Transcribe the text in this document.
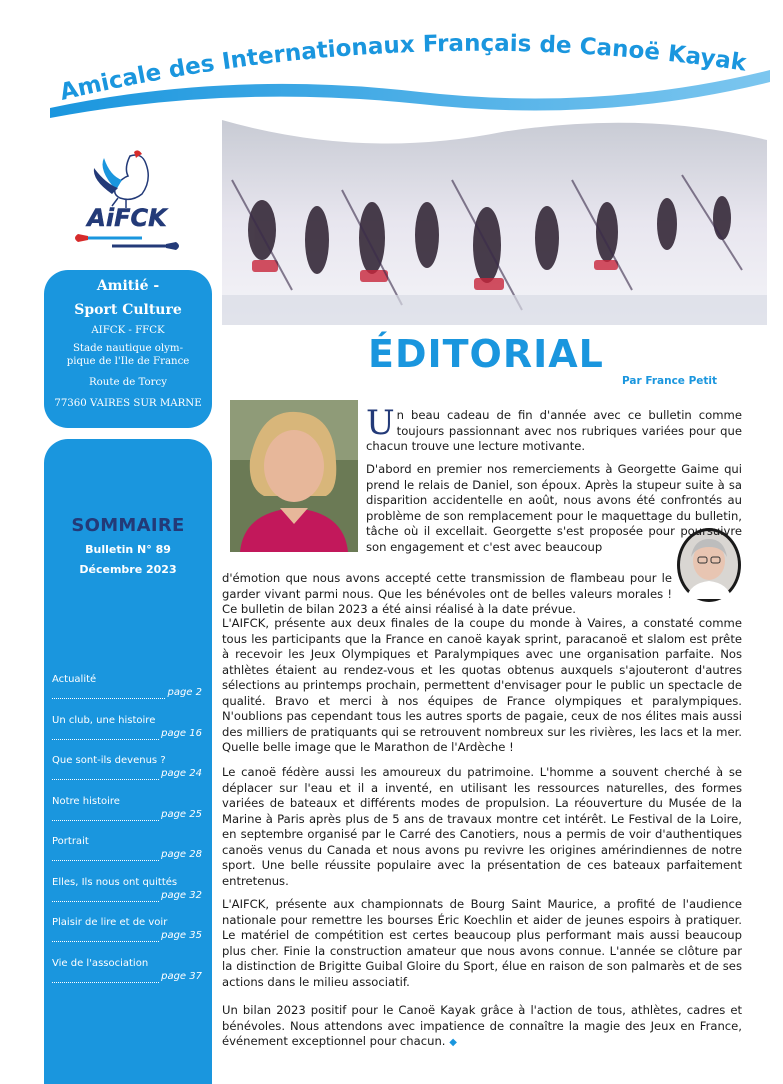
Amicale des Internationaux Français de Canoë Kayak
AiFCK
Amitié -
Sport Culture
AIFCK - FFCK
Stade nautique olym-
pique de l'Ile de France
Route de Torcy
77360 VAIRES SUR MARNE
SOMMAIRE
Bulletin N° 89
Décembre 2023
Actualité
page 2
Un club, une histoire
page 16
Que sont-ils devenus ?
page 24
Notre histoire
page 25
Portrait
page 28
Elles, Ils nous ont quittés
page 32
Plaisir de lire et de voir
page 35
Vie de l'association
page 37
ÉDITORIAL
Par France Petit
Un beau cadeau de fin d'année avec ce bulletin comme toujours passionnant avec nos rubriques variées pour que chacun trouve une lecture motivante.
D'abord en premier nos remerciements à Georgette Gaime qui prend le relais de Daniel, son époux. Après la stupeur suite à sa disparition accidentelle en août, nous avons été confrontés au problème de son remplacement pour le maquettage du bulletin, tâche où il excellait. Georgette s'est proposée pour poursuivre son engagement et c'est avec beaucoup
d'émotion que nous avons accepté cette transmission de flambeau pour le garder vivant parmi nous. Que les bénévoles ont de belles valeurs morales ! Ce bulletin de bilan 2023 a été ainsi réalisé à la date prévue.
L'AIFCK, présente aux deux finales de la coupe du monde à Vaires, a constaté comme tous les participants que la France en canoë kayak sprint, paracanoë et slalom est prête à recevoir les Jeux Olympiques et Paralympiques avec une organisation parfaite. Nos athlètes étaient au rendez-vous et les quotas obtenus auxquels s'ajouteront d'autres sélections au printemps prochain, permettent d'envisager pour le public un spectacle de qualité. Bravo et merci à nos équipes de France olympiques et paralympiques. N'oublions pas cependant tous les autres sports de pagaie, ceux de nos élites mais aussi des milliers de pratiquants qui se retrouvent nombreux sur les rivières, les lacs et la mer. Quelle belle image que le Marathon de l'Ardèche !
Le canoë fédère aussi les amoureux du patrimoine. L'homme a souvent cherché à se déplacer sur l'eau et il a inventé, en utilisant les ressources naturelles, des formes variées de bateaux et différents modes de propulsion. La réouverture du Musée de la Marine à Paris après plus de 5 ans de travaux montre cet intérêt. Le Festival de la Loire, en septembre organisé par le Carré des Canotiers, nous a permis de voir d'authentiques canoës venus du Canada et nous avons pu revivre les origines amérindiennes de notre sport. Une belle réussite populaire avec la présentation de ces bateaux parfaitement entretenus.
L'AIFCK, présente aux championnats de Bourg Saint Maurice, a profité de l'audience nationale pour remettre les bourses Éric Koechlin et aider de jeunes espoirs à pratiquer. Le matériel de compétition est certes beaucoup plus performant mais aussi beaucoup plus cher. Finie la construction amateur que nous avons connue. L'année se clôture par la distinction de Brigitte Guibal Gloire du Sport, élue en raison de son palmarès et de ses actions dans le milieu associatif.
Un bilan 2023 positif pour le Canoë Kayak grâce à l'action de tous, athlètes, cadres et bénévoles. Nous attendons avec impatience de connaître la magie des Jeux en France, événement exceptionnel pour chacun. ◆
